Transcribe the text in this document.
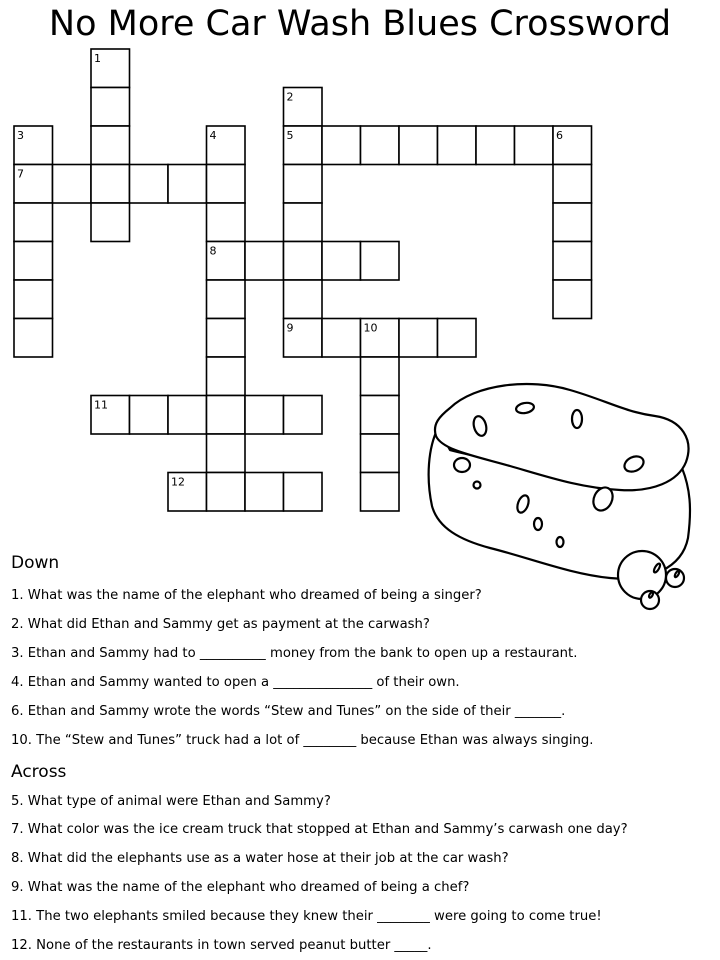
No More Car Wash Blues Crossword
1
2
3	4	5	6
7
8
9	10
11
12
Down

1. What was the name of the elephant who dreamed of being a singer?

2. What did Ethan and Sammy get as payment at the carwash?

3. Ethan and Sammy had to __________ money from the bank to open up a restaurant.

4. Ethan and Sammy wanted to open a _______________ of their own.

6. Ethan and Sammy wrote the words “Stew and Tunes” on the side of their _______.

10. The “Stew and Tunes” truck had a lot of ________ because Ethan was always singing.

Across

5. What type of animal were Ethan and Sammy?

7. What color was the ice cream truck that stopped at Ethan and Sammy’s carwash one day?

8. What did the elephants use as a water hose at their job at the car wash?

9. What was the name of the elephant who dreamed of being a chef?

11. The two elephants smiled because they knew their ________ were going to come true!

12. None of the restaurants in town served peanut butter _____.
